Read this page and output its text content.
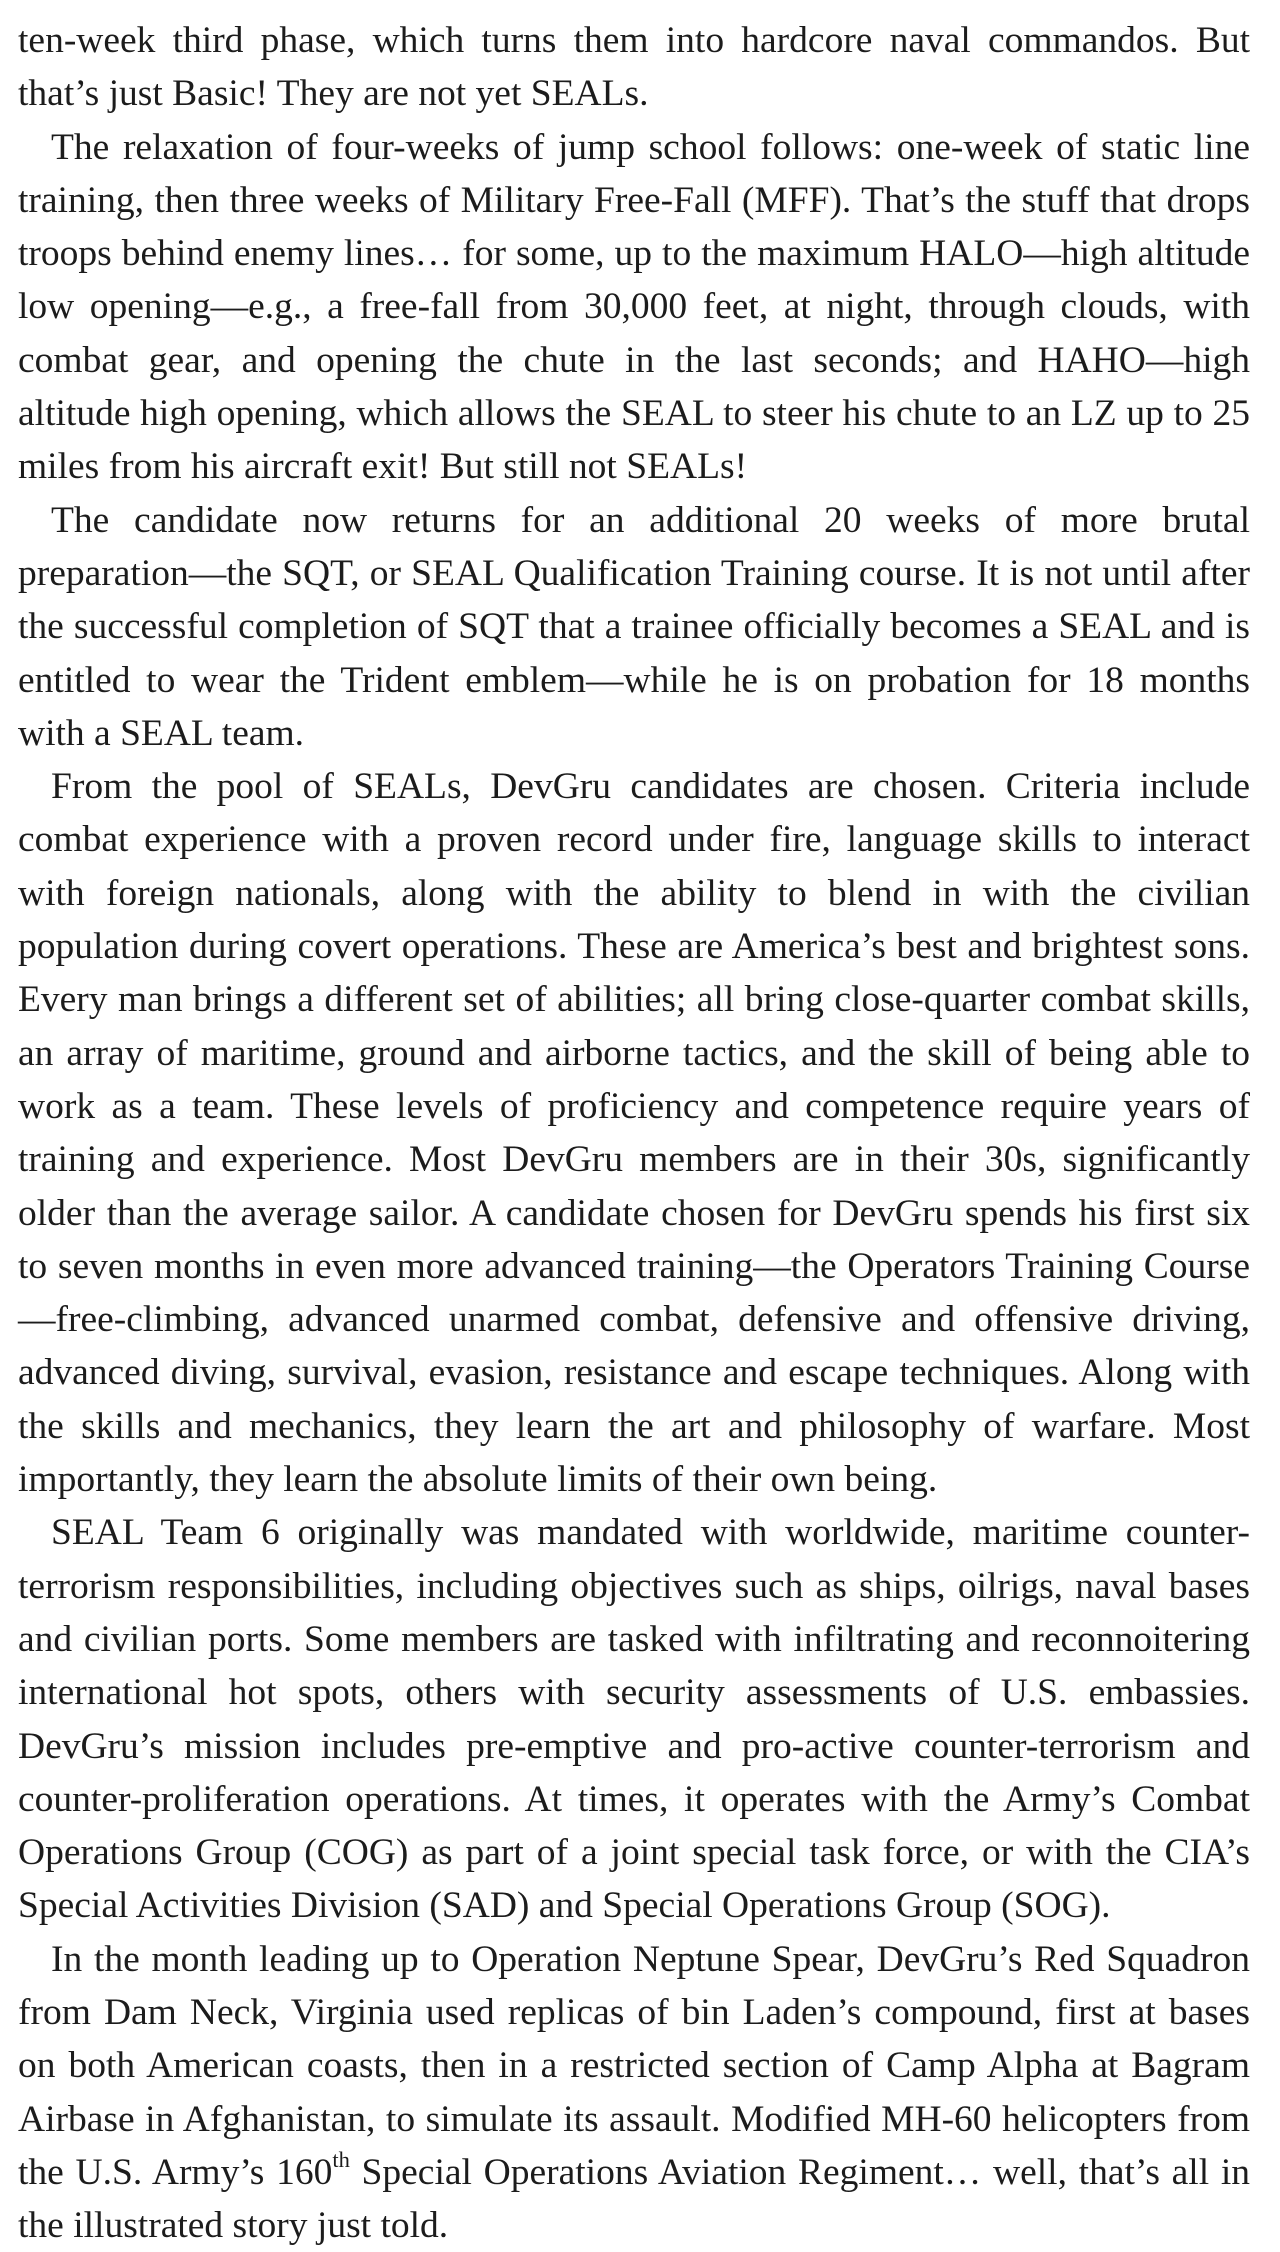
ten-week third phase, which turns them into hardcore naval commandos. But that’s just Basic! They are not yet SEALs.

The relaxation of four-weeks of jump school follows: one-week of static line training, then three weeks of Military Free-Fall (MFF). That’s the stuff that drops troops behind enemy lines… for some, up to the maximum HALO—high altitude low opening—e.g., a free-fall from 30,000 feet, at night, through clouds, with combat gear, and opening the chute in the last seconds; and HAHO—high altitude high opening, which allows the SEAL to steer his chute to an LZ up to 25 miles from his aircraft exit! But still not SEALs!

The candidate now returns for an additional 20 weeks of more brutal preparation—the SQT, or SEAL Qualification Training course. It is not until after the successful completion of SQT that a trainee officially becomes a SEAL and is entitled to wear the Trident emblem—while he is on probation for 18 months with a SEAL team.

From the pool of SEALs, DevGru candidates are chosen. Criteria include combat experience with a proven record under fire, language skills to interact with foreign nationals, along with the ability to blend in with the civilian population during covert operations. These are America’s best and brightest sons. Every man brings a different set of abilities; all bring close-quarter combat skills, an array of maritime, ground and airborne tactics, and the skill of being able to work as a team. These levels of proficiency and competence require years of training and experience. Most DevGru members are in their 30s, significantly older than the average sailor. A candidate chosen for DevGru spends his first six to seven months in even more advanced training—the Operators Training Course—free-climbing, advanced unarmed combat, defensive and offensive driving, advanced diving, survival, evasion, resistance and escape techniques. Along with the skills and mechanics, they learn the art and philosophy of warfare. Most importantly, they learn the absolute limits of their own being.

SEAL Team 6 originally was mandated with worldwide, maritime counter-terrorism responsibilities, including objectives such as ships, oilrigs, naval bases and civilian ports. Some members are tasked with infiltrating and reconnoitering international hot spots, others with security assessments of U.S. embassies. DevGru’s mission includes pre-emptive and pro-active counter-terrorism and counter-proliferation operations. At times, it operates with the Army’s Combat Operations Group (COG) as part of a joint special task force, or with the CIA’s Special Activities Division (SAD) and Special Operations Group (SOG).

In the month leading up to Operation Neptune Spear, DevGru’s Red Squadron from Dam Neck, Virginia used replicas of bin Laden’s compound, first at bases on both American coasts, then in a restricted section of Camp Alpha at Bagram Airbase in Afghanistan, to simulate its assault. Modified MH-60 helicopters from the U.S. Army’s 160th Special Operations Aviation Regiment… well, that’s all in the illustrated story just told.
